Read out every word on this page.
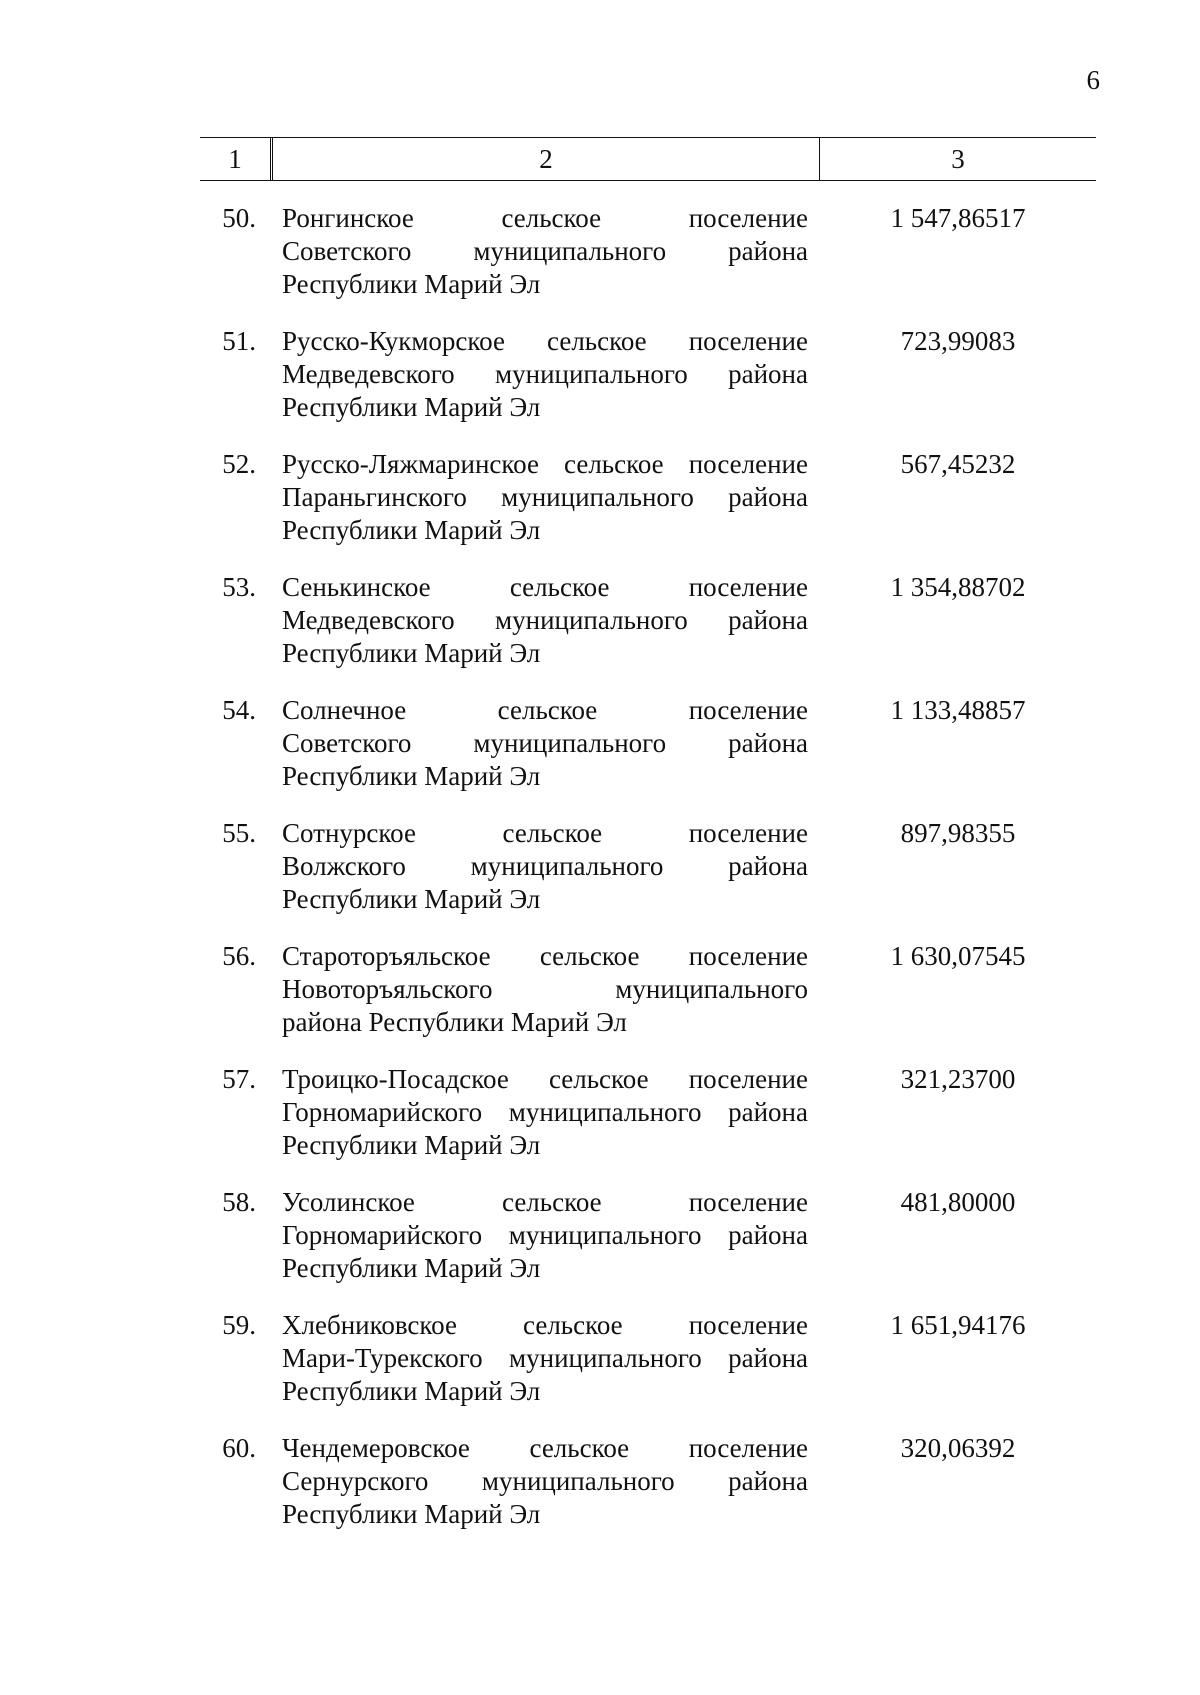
6
1	2	3
50. Ронгинское сельское поселение
Советского муниципального района
Республики Марий Эл
1 547,86517
51. Русско-Кукморское сельское поселение
Медведевского муниципального района
Республики Марий Эл
723,99083
52. Русско-Ляжмаринское сельское поселение
Параньгинского муниципального района
Республики Марий Эл
567,45232
53. Сенькинское сельское поселение
Медведевского муниципального района
Республики Марий Эл
1 354,88702
54. Солнечное сельское поселение
Советского муниципального района
Республики Марий Эл
1 133,48857
55. Сотнурское сельское поселение
Волжского муниципального района
Республики Марий Эл
897,98355
56. Староторъяльское сельское поселение
Новоторъяльского муниципального
района Республики Марий Эл
1 630,07545
57. Троицко-Посадское сельское поселение
Горномарийского муниципального района
Республики Марий Эл
321,23700
58. Усолинское сельское поселение
Горномарийского муниципального района
Республики Марий Эл
481,80000
59. Хлебниковское сельское поселение
Мари-Турекского муниципального района
Республики Марий Эл
1 651,94176
60. Чендемеровское сельское поселение
Сернурского муниципального района
Республики Марий Эл
320,06392
